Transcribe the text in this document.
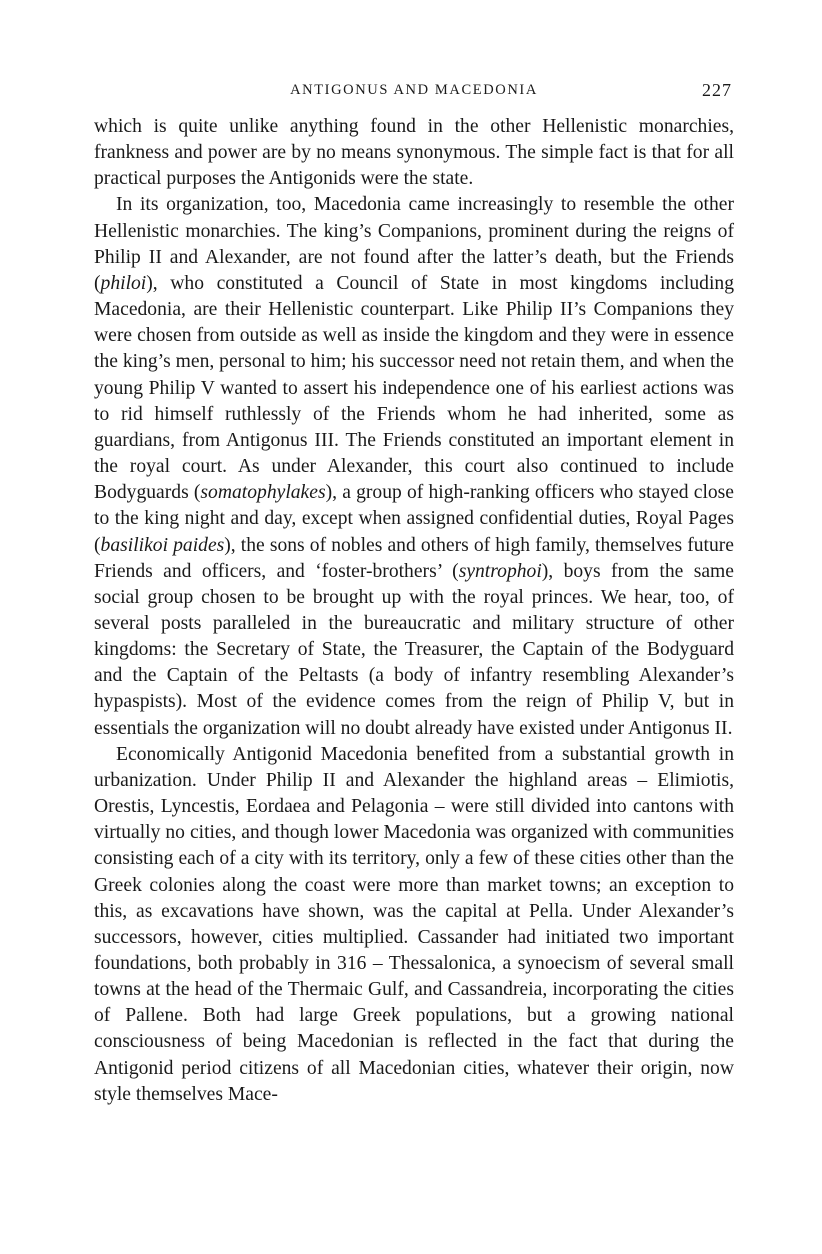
ANTIGONUS AND MACEDONIA	227

which is quite unlike anything found in the other Hellenistic monarchies, frankness and power are by no means synonymous. The simple fact is that for all practical purposes the Antigonids were the state.

In its organization, too, Macedonia came increasingly to resemble the other Hellenistic monarchies. The king’s Companions, prominent during the reigns of Philip II and Alexander, are not found after the latter’s death, but the Friends (philoi), who constituted a Council of State in most kingdoms including Macedonia, are their Hellenistic counterpart. Like Philip II’s Companions they were chosen from outside as well as inside the kingdom and they were in essence the king’s men, personal to him; his successor need not retain them, and when the young Philip V wanted to assert his independence one of his earliest actions was to rid himself ruthlessly of the Friends whom he had inherited, some as guardians, from Antigonus III. The Friends constituted an important element in the royal court. As under Alexander, this court also continued to include Bodyguards (somatophylakes), a group of high-ranking officers who stayed close to the king night and day, except when assigned confidential duties, Royal Pages (basilikoi paides), the sons of nobles and others of high family, themselves future Friends and officers, and ‘foster-brothers’ (syntrophoi), boys from the same social group chosen to be brought up with the royal princes. We hear, too, of several posts paralleled in the bureaucratic and military structure of other kingdoms: the Secretary of State, the Treasurer, the Captain of the Bodyguard and the Captain of the Peltasts (a body of infantry resembling Alexander’s hypaspists). Most of the evidence comes from the reign of Philip V, but in essentials the organization will no doubt already have existed under Antigonus II.

Economically Antigonid Macedonia benefited from a substantial growth in urbanization. Under Philip II and Alexander the highland areas – Elimiotis, Orestis, Lyncestis, Eordaea and Pelagonia – were still divided into cantons with virtually no cities, and though lower Macedonia was organized with communities consisting each of a city with its territory, only a few of these cities other than the Greek colonies along the coast were more than market towns; an exception to this, as excavations have shown, was the capital at Pella. Under Alexander’s successors, however, cities multiplied. Cassander had initiated two important foundations, both probably in 316 – Thessalonica, a synoecism of several small towns at the head of the Thermaic Gulf, and Cassandreia, incorporating the cities of Pallene. Both had large Greek populations, but a growing national consciousness of being Macedonian is reflected in the fact that during the Antigonid period citizens of all Macedonian cities, whatever their origin, now style themselves Mace-
